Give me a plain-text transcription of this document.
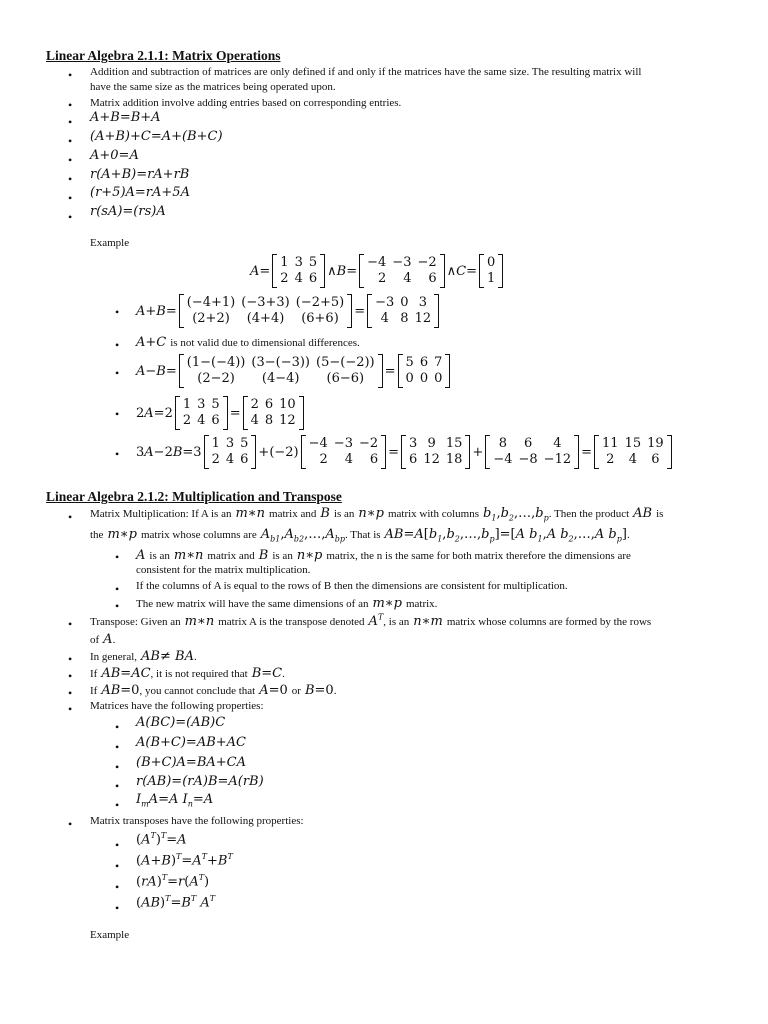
Linear Algebra 2.1.1: Matrix Operations
• Addition and subtraction of matrices are only defined if and only if the matrices have the same size. The resulting matrix will
have the same size as the matrices being operated upon.
• Matrix addition involve adding entries based on corresponding entries.
• A+B=B+A
• (A+B)+C=A+(B+C)
• A+0=A
• r(A+B)=rA+rB
• (r+5)A=rA+5A
• r(sA)=(rs)A
Example
A=
1 3 5
2 4 6 ∧B=
−4 −3 −2
2	4	6 ∧C=
0
1
• A+B=
(−4+1) (−3+3) (−2+5)
(2+2)	(4+4)	(6+6)	=
−3 0 3
4 8 12
• A+C is not valid due to dimensional differences.
• A−B=
(1−(−4)) (3−(−3)) (5−(−2))
(2−2)	(4−4)	(6−6)	=
5 6 7
0 0 0
• 2A=2
1 3 5
2 4 6 =
2 6 10
4 8 12
• 3A−2B=3
1 3 5
2 4 6 +(−2)
−4 −3 −2
2	4	6 =
3 9 15
6 12 18 +
8	6	4
−4 −8 −12 =
11 15 19
2	4	6
Linear Algebra 2.1.2: Multiplication and Transpose
• Matrix Multiplication: If A is an m∗n matrix and B is an n∗p matrix with columns $b_1,b_2,\dots,b_p$. Then the product AB is
the m∗p matrix whose columns are $A_{b1},A_{b2},\dots,A_{bp}$. That is $AB=A[b_1,b_2,\dots,b_p]=[A$ $b_1,A$ $b_2,\dots,A$ $b_p$].
• A is an m∗n matrix and B is an n∗p matrix, the n is the same for both matrix therefore the dimensions are
consistent for the matrix multiplication.
• If the columns of A is equal to the rows of B then the dimensions are consistent for multiplication.
• The new matrix will have the same dimensions of an m∗p matrix.
• Transpose: Given an m∗n matrix A is the transpose denoted $A^T$, is an n∗m matrix whose columns are formed by the rows
of A.
• In general, AB≠ BA.
• If AB=AC, it is not required that B=C.
• If AB=0, you cannot conclude that A=0 or B=0.
• Matrices have the following properties:
• A(BC)=(AB)C
• A(B+C)=AB+AC
• (B+C)A=BA+CA
• r(AB)=(rA)B=A(rB)
• $I_mA=A$ $I_n=A$
• Matrix transposes have the following properties:
• $(A^T)^T=A$
• $(A+B)^T=A^T+B^T$
• $(rA)^T=r(A^T)$
• $(AB)^T=B^T$ $A^T$
Example
